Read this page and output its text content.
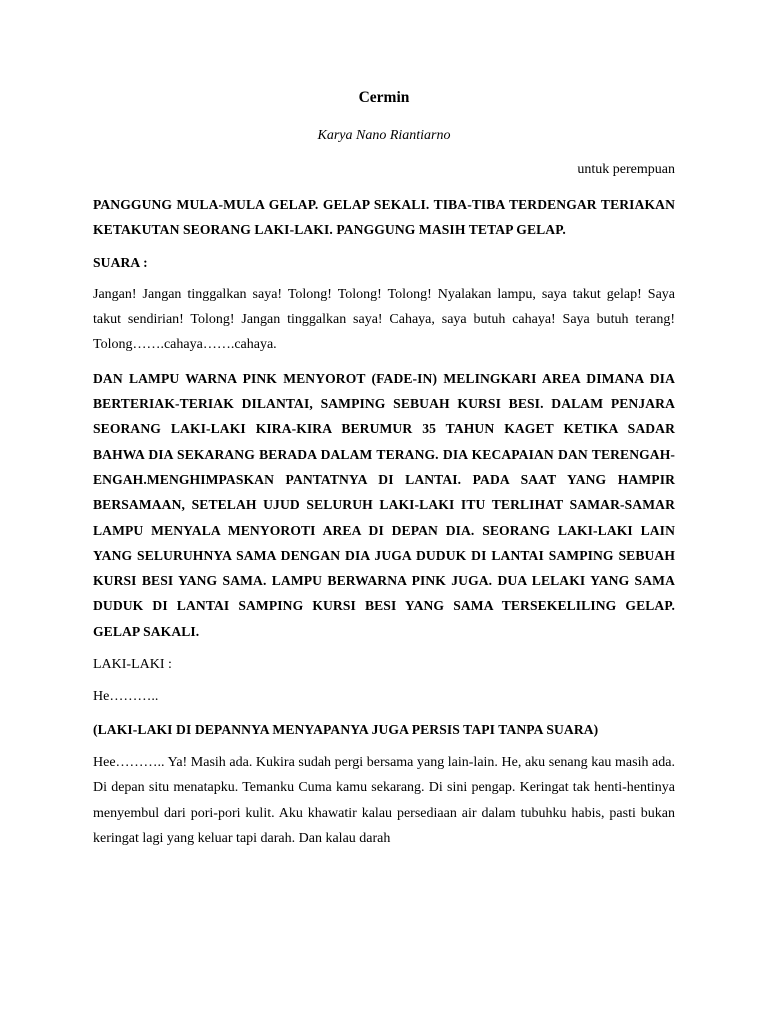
Cermin

Karya Nano Riantiarno

untuk perempuan

PANGGUNG MULA-MULA GELAP. GELAP SEKALI. TIBA-TIBA TERDENGAR TERIAKAN KETAKUTAN SEORANG LAKI-LAKI. PANGGUNG MASIH TETAP GELAP.

SUARA :

Jangan! Jangan tinggalkan saya! Tolong! Tolong! Tolong! Nyalakan lampu, saya takut gelap! Saya takut sendirian! Tolong! Jangan tinggalkan saya! Cahaya, saya butuh cahaya! Saya butuh terang! Tolong…….cahaya…….cahaya.

DAN LAMPU WARNA PINK MENYOROT (FADE-IN) MELINGKARI AREA DIMANA DIA BERTERIAK-TERIAK DILANTAI, SAMPING SEBUAH KURSI BESI. DALAM PENJARA SEORANG LAKI-LAKI KIRA-KIRA BERUMUR 35 TAHUN KAGET KETIKA SADAR BAHWA DIA SEKARANG BERADA DALAM TERANG. DIA KECAPAIAN DAN TERENGAH-ENGAH.MENGHIMPASKAN PANTATNYA DI LANTAI. PADA SAAT YANG HAMPIR BERSAMAAN, SETELAH UJUD SELURUH LAKI-LAKI ITU TERLIHAT SAMAR-SAMAR LAMPU MENYALA MENYOROTI AREA DI DEPAN DIA. SEORANG LAKI-LAKI LAIN YANG SELURUHNYA SAMA DENGAN DIA JUGA DUDUK DI LANTAI SAMPING SEBUAH KURSI BESI YANG SAMA. LAMPU BERWARNA PINK JUGA. DUA LELAKI YANG SAMA DUDUK DI LANTAI SAMPING KURSI BESI YANG SAMA TERSEKELILING GELAP. GELAP SAKALI.

LAKI-LAKI :

He………..

(LAKI-LAKI DI DEPANNYA MENYAPANYA JUGA PERSIS TAPI TANPA SUARA)

Hee……….. Ya! Masih ada. Kukira sudah pergi bersama yang lain-lain. He, aku senang kau masih ada. Di depan situ menatapku. Temanku Cuma kamu sekarang. Di sini pengap. Keringat tak henti-hentinya menyembul dari pori-pori kulit. Aku khawatir kalau persediaan air dalam tubuhku habis, pasti bukan keringat lagi yang keluar tapi darah. Dan kalau darah
